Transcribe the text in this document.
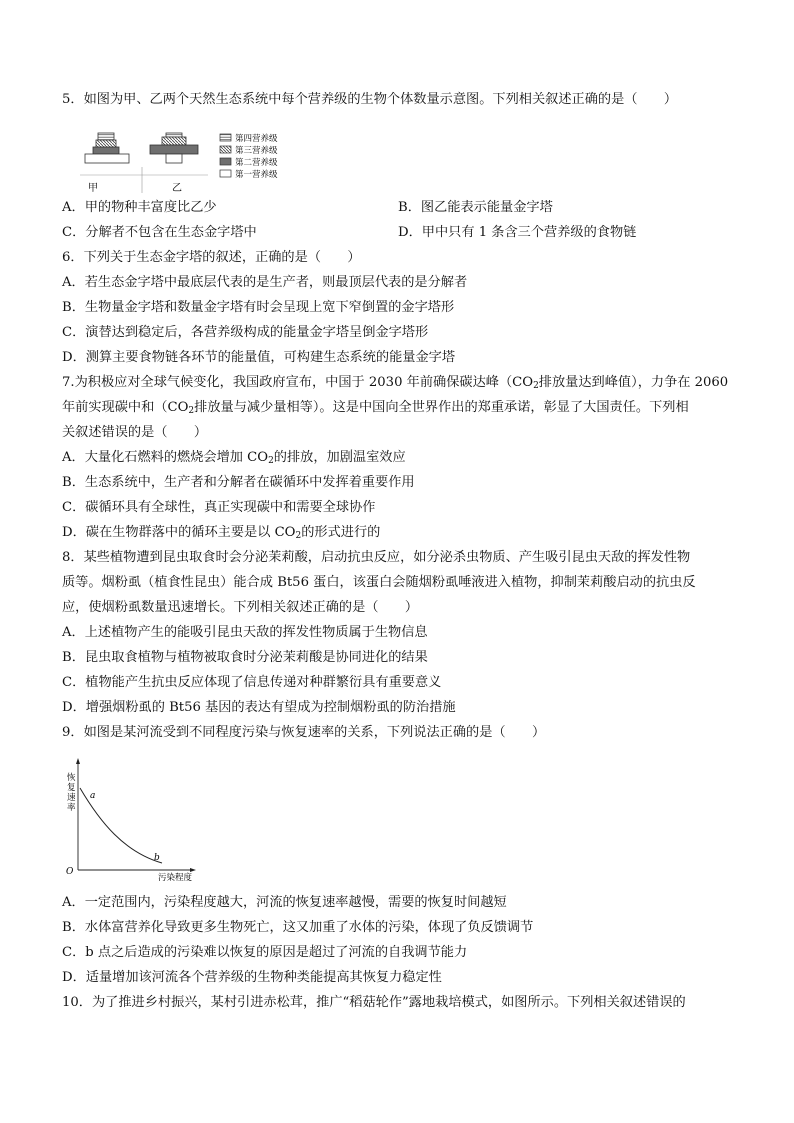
5．如图为甲、乙两个天然生态系统中每个营养级的生物个体数量示意图。下列相关叙述正确的是（　　）
甲	乙
第四营养级
第三营养级
第二营养级
第一营养级
A．甲的物种丰富度比乙少	B．图乙能表示能量金字塔
C．分解者不包含在生态金字塔中	D．甲中只有 1 条含三个营养级的食物链
6．下列关于生态金字塔的叙述，正确的是（　　）
A．若生态金字塔中最底层代表的是生产者，则最顶层代表的是分解者
B．生物量金字塔和数量金字塔有时会呈现上宽下窄倒置的金字塔形
C．演替达到稳定后，各营养级构成的能量金字塔呈倒金字塔形
D．测算主要食物链各环节的能量值，可构建生态系统的能量金字塔
7.为积极应对全球气候变化，我国政府宣布，中国于 2030 年前确保碳达峰（$CO_2$排放量达到峰值），力争在 2060
年前实现碳中和（$CO_2$排放量与减少量相等）。这是中国向全世界作出的郑重承诺，彰显了大国责任。下列相
关叙述错误的是（　　）
A．大量化石燃料的燃烧会增加 $CO_2$的排放，加剧温室效应
B．生态系统中，生产者和分解者在碳循环中发挥着重要作用
C．碳循环具有全球性，真正实现碳中和需要全球协作
D．碳在生物群落中的循环主要是以 $CO_2$的形式进行的
8．某些植物遭到昆虫取食时会分泌茉莉酸，启动抗虫反应，如分泌杀虫物质、产生吸引昆虫天敌的挥发性物
质等。烟粉虱（植食性昆虫）能合成 Bt56 蛋白，该蛋白会随烟粉虱唾液进入植物，抑制茉莉酸启动的抗虫反
应，使烟粉虱数量迅速增长。下列相关叙述正确的是（　　）
A．上述植物产生的能吸引昆虫天敌的挥发性物质属于生物信息
B．昆虫取食植物与植物被取食时分泌茉莉酸是协同进化的结果
C．植物能产生抗虫反应体现了信息传递对种群繁衍具有重要意义
D．增强烟粉虱的 Bt56 基因的表达有望成为控制烟粉虱的防治措施
9．如图是某河流受到不同程度污染与恢复速率的关系，下列说法正确的是（　　）
恢
复
速
率
a
b
O
污染程度
A．一定范围内，污染程度越大，河流的恢复速率越慢，需要的恢复时间越短
B．水体富营养化导致更多生物死亡，这又加重了水体的污染，体现了负反馈调节
C．b 点之后造成的污染难以恢复的原因是超过了河流的自我调节能力
D．适量增加该河流各个营养级的生物种类能提高其恢复力稳定性
10．为了推进乡村振兴，某村引进赤松茸，推广“稻菇轮作”露地栽培模式，如图所示。下列相关叙述错误的
